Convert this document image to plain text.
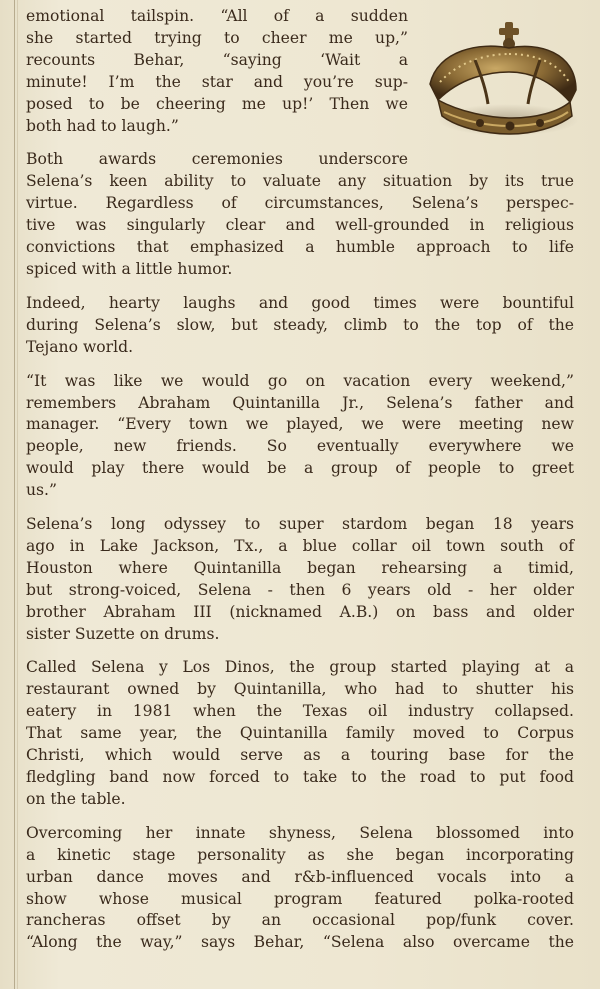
emotional tailspin. “All of a sudden
she started trying to cheer me up,”
recounts Behar, “saying ‘Wait a
minute! I’m the star and you’re sup-
posed to be cheering me up!’ Then we
both had to laugh.”
Both awards ceremonies underscore
Selena’s keen ability to valuate any situation by its true
virtue. Regardless of circumstances, Selena’s perspec-
tive was singularly clear and well-grounded in religious
convictions that emphasized a humble approach to life
spiced with a little humor.
Indeed, hearty laughs and good times were bountiful
during Selena’s slow, but steady, climb to the top of the
Tejano world.
“It was like we would go on vacation every weekend,”
remembers Abraham Quintanilla Jr., Selena’s father and
manager. “Every town we played, we were meeting new
people, new friends. So eventually everywhere we
would play there would be a group of people to greet
us.”
Selena’s long odyssey to super stardom began 18 years
ago in Lake Jackson, Tx., a blue collar oil town south of
Houston where Quintanilla began rehearsing a timid,
but strong-voiced, Selena - then 6 years old - her older
brother Abraham III (nicknamed A.B.) on bass and older
sister Suzette on drums.
Called Selena y Los Dinos, the group started playing at a
restaurant owned by Quintanilla, who had to shutter his
eatery in 1981 when the Texas oil industry collapsed.
That same year, the Quintanilla family moved to Corpus
Christi, which would serve as a touring base for the
fledgling band now forced to take to the road to put food
on the table.
Overcoming her innate shyness, Selena blossomed into
a kinetic stage personality as she began incorporating
urban dance moves and r&b-influenced vocals into a
show whose musical program featured polka-rooted
rancheras offset by an occasional pop/funk cover.
“Along the way,” says Behar, “Selena also overcame the
